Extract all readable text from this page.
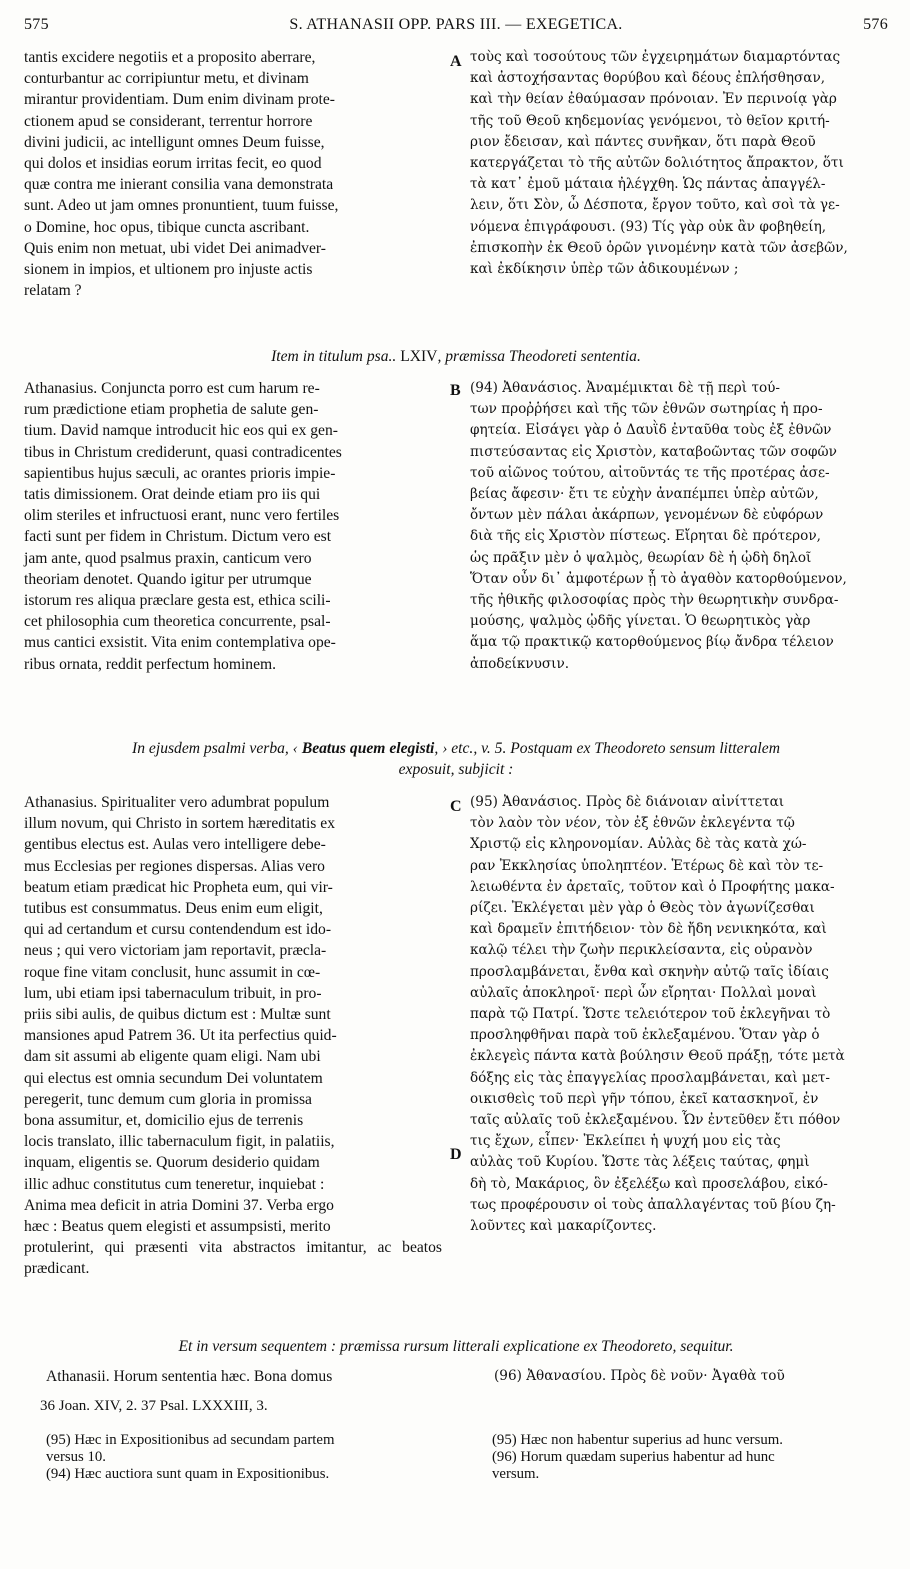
575	S. ATHANASII OPP. PARS III. — EXEGETICA.	576
tantis excidere negotiis et a proposito aberrare,
conturbantur ac corripiuntur metu, et divinam
mirantur providentiam. Dum enim divinam prote-
ctionem apud se considerant, terrentur horrore
divini judicii, ac intelligunt omnes Deum fuisse,
qui dolos et insidias eorum irritas fecit, eo quod
quæ contra me inierant consilia vana demonstrata
sunt. Adeo ut jam omnes pronuntient, tuum fuisse,
o Domine, hoc opus, tibique cuncta ascribant.
Quis enim non metuat, ubi videt Dei animadver-
sionem in impios, et ultionem pro injuste actis
relatam ?
A τοὺς καὶ τοσούτους τῶν ἐγχειρημάτων διαμαρτόντας
καὶ ἀστοχήσαντας θορύβου καὶ δέους ἐπλήσθησαν,
καὶ τὴν θείαν ἐθαύμασαν πρόνοιαν. Ἐν περινοίᾳ γὰρ
τῆς τοῦ Θεοῦ κηδεμονίας γενόμενοι, τὸ θεῖον κριτή-
ριον ἔδεισαν, καὶ πάντες συνῆκαν, ὅτι παρὰ Θεοῦ
κατεργάζεται τὸ τῆς αὐτῶν δολιότητος ἄπρακτον, ὅτι
τὰ κατ᾽ ἐμοῦ μάταια ἠλέγχθη. Ὡς πάντας ἀπαγγέλ-
λειν, ὅτι Σὸν, ὦ Δέσποτα, ἔργον τοῦτο, καὶ σοὶ τὰ γε-
νόμενα ἐπιγράφουσι. (93) Τίς γὰρ οὐκ ἂν φοβηθείη,
ἐπισκοπὴν ἐκ Θεοῦ ὁρῶν γινομένην κατὰ τῶν ἀσεβῶν,
καὶ ἐκδίκησιν ὑπὲρ τῶν ἀδικουμένων ;
Item in titulum psa.. LXIV, præmissa Theodoreti sententia.
Athanasius. Conjuncta porro est cum harum re-
rum prædictione etiam prophetia de salute gen-
tium. David namque introducit hic eos qui ex gen-
tibus in Christum crediderunt, quasi contradicentes
sapientibus hujus sæculi, ac orantes prioris impie-
tatis dimissionem. Orat deinde etiam pro iis qui
olim steriles et infructuosi erant, nunc vero fertiles
facti sunt per fidem in Christum. Dictum vero est
jam ante, quod psalmus praxin, canticum vero
theoriam denotet. Quando igitur per utrumque
istorum res aliqua præclare gesta est, ethica scili-
cet philosophia cum theoretica concurrente, psal-
mus cantici exsistit. Vita enim contemplativa ope-
ribus ornata, reddit perfectum hominem.
B (94) Ἀθανάσιος. Ἀναμέμικται δὲ τῇ περὶ τού-
των προῤῥήσει καὶ τῆς τῶν ἐθνῶν σωτηρίας ἡ προ-
φητεία. Εἰσάγει γὰρ ὁ Δαυῒδ ἐνταῦθα τοὺς ἐξ ἐθνῶν
πιστεύσαντας εἰς Χριστὸν, καταβοῶντας τῶν σοφῶν
τοῦ αἰῶνος τούτου, αἰτοῦντάς τε τῆς προτέρας ἀσε-
βείας ἄφεσιν· ἔτι τε εὐχὴν ἀναπέμπει ὑπὲρ αὐτῶν,
ὄντων μὲν πάλαι ἀκάρπων, γενομένων δὲ εὐφόρων
διὰ τῆς εἰς Χριστὸν πίστεως. Εἴρηται δὲ πρότερον,
ὡς πρᾶξιν μὲν ὁ ψαλμὸς, θεωρίαν δὲ ἡ ᾠδὴ δηλοῖ
Ὅταν οὖν δι᾽ ἀμφοτέρων ᾖ τὸ ἀγαθὸν κατορθούμενον,
τῆς ἠθικῆς φιλοσοφίας πρὸς τὴν θεωρητικὴν συνδρα-
μούσης, ψαλμὸς ᾠδῆς γίνεται. Ὁ θεωρητικὸς γὰρ
ἅμα τῷ πρακτικῷ κατορθούμενος βίῳ ἄνδρα τέλειον
ἀποδείκνυσιν.
In ejusdem psalmi verba, ‹ Beatus quem elegisti, › etc., v. 5. Postquam ex Theodoreto sensum litteralem
exposuit, subjicit :
Athanasius. Spiritualiter vero adumbrat populum
illum novum, qui Christo in sortem hæreditatis ex
gentibus electus est. Aulas vero intelligere debe-
mus Ecclesias per regiones dispersas. Alias vero
beatum etiam prædicat hic Propheta eum, qui vir-
tutibus est consummatus. Deus enim eum eligit,
qui ad certandum et cursu contendendum est ido-
neus ; qui vero victoriam jam reportavit, præcla-
roque fine vitam conclusit, hunc assumit in cœ-
lum, ubi etiam ipsi tabernaculum tribuit, in pro-
priis sibi aulis, de quibus dictum est : Multæ sunt
mansiones apud Patrem 36. Ut ita perfectius quid-
dam sit assumi ab eligente quam eligi. Nam ubi
qui electus est omnia secundum Dei voluntatem
peregerit, tunc demum cum gloria in promissa
bona assumitur, et, domicilio ejus de terrenis
locis translato, illic tabernaculum figit, in palatiis,
inquam, eligentis se. Quorum desiderio quidam
illic adhuc constitutus cum teneretur, inquiebat :
Anima mea deficit in atria Domini 37. Verba ergo
hæc : Beatus quem elegisti et assumpsisti, merito
protulerint, qui præsenti vita abstractos imitantur, ac beatos prædicant.
C
D
(95) Ἀθανάσιος. Πρὸς δὲ διάνοιαν αἰνίττεται
τὸν λαὸν τὸν νέον, τὸν ἐξ ἐθνῶν ἐκλεγέντα τῷ
Χριστῷ εἰς κληρονομίαν. Αὐλὰς δὲ τὰς κατὰ χώ-
ραν Ἐκκλησίας ὑποληπτέον. Ἑτέρως δὲ καὶ τὸν τε-
λειωθέντα ἐν ἀρεταῖς, τοῦτον καὶ ὁ Προφήτης μακα-
ρίζει. Ἐκλέγεται μὲν γὰρ ὁ Θεὸς τὸν ἀγωνίζεσθαι
καὶ δραμεῖν ἐπιτήδειον· τὸν δὲ ἤδη νενικηκότα, καὶ
καλῷ τέλει τὴν ζωὴν περικλείσαντα, εἰς οὐρανὸν
προσλαμβάνεται, ἔνθα καὶ σκηνὴν αὐτῷ ταῖς ἰδίαις
αὐλαῖς ἀποκληροῖ· περὶ ὧν εἴρηται· Πολλαὶ μοναὶ
παρὰ τῷ Πατρί. Ὥστε τελειότερον τοῦ ἐκλεγῆναι τὸ
προσληφθῆναι παρὰ τοῦ ἐκλεξαμένου. Ὅταν γὰρ ὁ
ἐκλεγεὶς πάντα κατὰ βούλησιν Θεοῦ πράξῃ, τότε μετὰ
δόξης εἰς τὰς ἐπαγγελίας προσλαμβάνεται, καὶ μετ-
οικισθεὶς τοῦ περὶ γῆν τόπου, ἐκεῖ κατασκηνοῖ, ἐν
ταῖς αὐλαῖς τοῦ ἐκλεξαμένου. Ὧν ἐντεῦθεν ἔτι πόθον
τις ἔχων, εἶπεν· Ἐκλείπει ἡ ψυχή μου εἰς τὰς
αὐλὰς τοῦ Κυρίου. Ὥστε τὰς λέξεις ταύτας, φημὶ
δὴ τὸ, Μακάριος, ὃν ἐξελέξω καὶ προσελάβου, εἰκό-
τως προφέρουσιν οἱ τοὺς ἀπαλλαγέντας τοῦ βίου ζη-
λοῦντες καὶ μακαρίζοντες.
Et in versum sequentem : præmissa rursum litterali explicatione ex Theodoreto, sequitur.
Athanasii. Horum sententia hæc. Bona domus	(96) Ἀθανασίου. Πρὸς δὲ νοῦν· Ἀγαθὰ τοῦ
36 Joan. XIV, 2. 37 Psal. LXXXIII, 3.
(95) Hæc in Expositionibus ad secundam partem
versus 10.
(94) Hæc auctiora sunt quam in Expositionibus.
(95) Hæc non habentur superius ad hunc versum.
(96) Horum quædam superius habentur ad hunc
versum.
